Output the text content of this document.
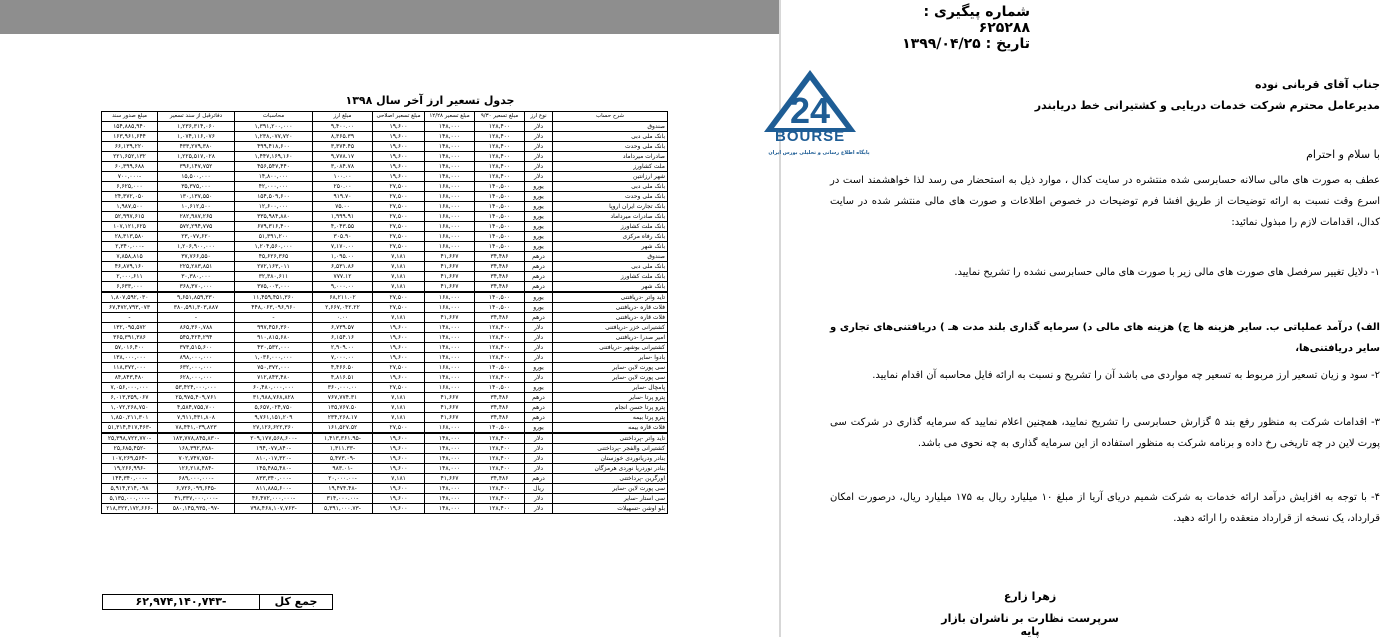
جدول تسعیر ارز آخر سال ۱۳۹۸
شرح حساب	نوع ارز	مبلغ تسعیر ۹/۳۰	مبلغ تسعیر ۱۲/۲۸	مبلغ تسعیر اصلاحی	مبلغ ارز	محاسبات	دفاترقبل از سند تسعیر	مبلغ صدور سند
صندوق	دلار	۱۲۸,۴۰۰	۱۴۸,۰۰۰	۱۹,۶۰۰	۹,۴۰۰.۰۰	۱,۳۹۱,۲۰۰,۰۰۰	۱,۲۳۶,۳۱۴,۰۶۰	۱۵۴,۸۸۵,۹۴۰
بانک ملی دبی	دلار	۱۲۸,۴۰۰	۱۴۸,۰۰۰	۱۹,۶۰۰	۸,۳۶۵.۳۹	۱,۲۳۸,۰۷۷,۷۲۰	۱,۰۷۴,۱۱۶,۰۷۶	۱۶۳,۹۶۱,۶۴۴
بانک ملی وحدت	دلار	۱۲۸,۴۰۰	۱۴۸,۰۰۰	۱۹,۶۰۰	۳,۳۷۴.۴۵	۴۹۹,۴۱۸,۶۰۰	۴۳۳,۲۷۹,۳۸۰	۶۶,۱۳۹,۲۲۰
صادرات میرداماد	دلار	۱۲۸,۴۰۰	۱۴۸,۰۰۰	۱۹,۶۰۰	۹,۷۷۸.۱۷	۱,۴۴۷,۱۶۹,۱۶۰	۱,۲۲۵,۵۱۷,۰۲۸	۲۲۱,۶۵۲,۱۳۲
ملت کشاورز	دلار	۱۲۸,۴۰۰	۱۴۸,۰۰۰	۱۹,۶۰۰	۳,۰۸۴.۷۸	۴۵۶,۵۴۷,۴۴۰	۳۹۶,۱۴۷,۷۵۲	۶۰,۳۹۹,۶۸۸
شهر ارزانتین	دلار	۱۲۸,۴۰۰	۱۴۸,۰۰۰	۱۹,۶۰۰	۱۰۰.۰۰	۱۴,۸۰۰,۰۰۰	۱۵,۵۰۰,۰۰۰	-۷۰۰,۰۰۰
بانک ملی دبی	یورو	۱۴۰,۵۰۰	۱۶۸,۰۰۰	۲۷,۵۰۰	۲۵۰.۰۰	۴۲,۰۰۰,۰۰۰	۳۵,۳۷۵,۰۰۰	۶,۶۲۵,۰۰۰
بانک ملی وحدت	یورو	۱۴۰,۵۰۰	۱۶۸,۰۰۰	۲۷,۵۰۰	۹۱۹.۷۰	۱۵۴,۵۰۹,۶۰۰	۱۳۰,۱۳۷,۵۵۰	۲۴,۳۷۲,۰۵۰
بانک تجارت ایران اروپا	یورو	۱۴۰,۵۰۰	۱۶۸,۰۰۰	۲۷,۵۰۰	۷۵.۰۰	۱۲,۶۰۰,۰۰۰	۱۰,۶۱۲,۵۰۰	۱,۹۸۷,۵۰۰
بانک صادرات میرداماد	یورو	۱۴۰,۵۰۰	۱۶۸,۰۰۰	۲۷,۵۰۰	۱,۹۹۹.۹۱	۳۳۵,۹۸۴,۸۸۰	۲۸۲,۹۸۷,۲۶۵	۵۲,۹۹۷,۶۱۵
بانک ملت کشاورز	یورو	۱۴۰,۵۰۰	۱۶۸,۰۰۰	۲۷,۵۰۰	۴,۰۴۳.۵۵	۶۷۹,۳۱۶,۴۰۰	۵۷۲,۲۹۴,۷۷۵	۱۰۷,۱۲۱,۶۲۵
بانک رفاه مرکزی	یورو	۱۴۰,۵۰۰	۱۶۸,۰۰۰	۲۷,۵۰۰	۳۰۵.۹۰	۵۱,۳۹۱,۲۰۰	۲۳,۰۷۷,۶۲۰	۲۸,۳۱۳,۵۸۰
بانک شهر	یورو	۱۴۰,۵۰۰	۱۶۸,۰۰۰	۲۷,۵۰۰	۷,۱۷۰.۰۰	۱,۲۰۴,۵۶۰,۰۰۰	۱,۲۰۶,۹۰۰,۰۰۰	-۲,۳۴۰,۰۰۰
صندوق	درهم	۳۴,۴۸۶	۴۱,۶۶۷	۷,۱۸۱	۱,۰۹۵.۰۰	۴۵,۶۲۶,۳۶۵	۳۷,۷۶۶,۵۵۰	۷,۸۵۸,۸۱۵
بانک ملی دبی	درهم	۳۴,۴۸۶	۴۱,۶۶۷	۷,۱۸۱	۶,۵۳۱.۸۶	۲۷۲,۱۶۳,۰۱۱	۲۲۵,۲۸۳,۸۵۱	۴۶,۸۷۹,۱۶۰
بانک ملت کشاورز	درهم	۳۴,۴۸۶	۴۱,۶۶۷	۷,۱۸۱	۷۷۷.۱۲	۳۲,۳۸۰,۶۱۱	۳۰,۳۸۰,۰۰۰	۲,۰۰۰,۶۱۱
بانک شهر	درهم	۳۴,۴۸۶	۴۱,۶۶۷	۷,۱۸۱	۹,۰۰۰.۰۰	۳۷۵,۰۰۳,۰۰۰	۳۶۸,۳۷۰,۰۰۰	۶,۶۳۳,۰۰۰
تاید واتر -دریافتنی	یورو	۱۴۰,۵۰۰	۱۶۸,۰۰۰	۲۷,۵۰۰	۶۸,۲۱۱.۰۲	۱۱,۴۵۹,۴۵۱,۳۶۰	۹,۶۵۱,۸۵۹,۳۳۰	۱,۸۰۷,۵۹۲,۰۳۰
فلات قاره -دریافتنی	یورو	۱۴۰,۵۰۰	۱۶۸,۰۰۰	۲۷,۵۰۰	۲,۶۶۷,۰۴۲.۲۲	۴۴۸,۰۶۳,۰۹۶,۹۶۰	۳۸۰,۵۹۱,۳۰۳,۸۸۷	۶۷,۴۷۲,۷۹۳,۰۷۳
فلات قاره -دریافتنی	درهم	۳۴,۴۸۶	۴۱,۶۶۷	۷,۱۸۱	۰.۰۰	-	-	-
کشتیرانی خزر -دریافتنی	دلار	۱۲۸,۴۰۰	۱۴۸,۰۰۰	۱۹,۶۰۰	۶,۷۳۹.۵۷	۹۹۷,۴۵۶,۳۶۰	۸۶۵,۳۶۰,۷۸۸	۱۳۲,۰۹۵,۵۷۲
امیر صدرا -دریافتنی	دلار	۱۲۸,۴۰۰	۱۴۸,۰۰۰	۱۹,۶۰۰	۶,۱۵۴.۱۶	۹۱۰,۸۱۵,۶۸۰	۵۴۵,۴۲۴,۲۹۴	۳۶۵,۳۹۱,۳۸۶
کشتیرانی بوشهر -دریافتنی	دلار	۱۲۸,۴۰۰	۱۴۸,۰۰۰	۱۹,۶۰۰	۲,۹۰۹.۰۰	۴۳۰,۵۳۲,۰۰۰	۳۷۳,۵۱۵,۶۰۰	۵۷,۰۱۶,۴۰۰
بادوا -سایر	دلار	۱۲۸,۴۰۰	۱۴۸,۰۰۰	۱۹,۶۰۰	۷,۰۰۰.۰۰	۱,۰۳۶,۰۰۰,۰۰۰	۸۹۸,۰۰۰,۰۰۰	۱۳۸,۰۰۰,۰۰۰
سی پورت لاین -سایر	یورو	۱۴۰,۵۰۰	۱۶۸,۰۰۰	۲۷,۵۰۰	۴,۴۶۶.۵۰	۷۵۰,۳۷۲,۰۰۰	۶۳۲,۰۰۰,۰۰۰	۱۱۸,۳۷۲,۰۰۰
سی پورت لاین -سایر	دلار	۱۲۸,۴۰۰	۱۴۸,۰۰۰	۱۹,۶۰۰	۴,۸۱۶.۵۱	۷۱۲,۸۴۳,۴۸۰	۶۲۸,۰۰۰,۰۰۰	۸۴,۸۴۳,۴۸۰
پامچال -سایر	یورو	۱۴۰,۵۰۰	۱۶۸,۰۰۰	۲۷,۵۰۰	۳۶۰,۰۰۰.۰۰	۶۰,۴۸۰,۰۰۰,۰۰۰	۵۳,۴۲۴,۰۰۰,۰۰۰	۷,۰۵۶,۰۰۰,۰۰۰
پترو پرتا -سایر	درهم	۳۴,۴۸۶	۴۱,۶۶۷	۷,۱۸۱	۷۶۷,۷۷۴.۳۱	۳۱,۹۸۸,۷۶۸,۸۲۸	۲۵,۹۷۵,۴۰۹,۷۶۱	۶,۰۱۳,۳۵۹,۰۶۷
پترو پرتا حسن انجام	درهم	۳۴,۴۸۶	۴۱,۶۶۷	۷,۱۸۱	۱۳۵,۷۶۷.۵۰	۵,۶۵۷,۰۲۴,۷۵۰	۴,۵۸۴,۷۵۵,۷۰۰	۱,۰۷۲,۲۶۸,۷۵۰
پترو پرتا بیمه	درهم	۳۴,۴۸۶	۴۱,۶۶۷	۷,۱۸۱	۲۳۴,۲۶۸.۱۷	۹,۷۶۱,۱۵۱,۲۰۹	۷,۹۱۱,۴۳۱,۸۰۸	۱,۸۵۰,۲۱۱,۳۰۱
فلات قاره بیمه	یورو	۱۴۰,۵۰۰	۱۶۸,۰۰۰	۲۷,۵۰۰	۱۶۱,۵۲۷.۵۲	۲۷,۱۲۶,۶۲۲,۳۶۰	۷۸,۴۴۱,۰۳۹,۸۲۳	-۵۱,۳۱۴,۴۱۷,۴۶۳
تاید واتر -پرداختنی	دلار	۱۲۸,۴۰۰	۱۴۸,۰۰۰	۱۹,۶۰۰	-۱,۴۱۳,۳۶۱.۹۵	-۲۰۹,۱۷۷,۵۶۸,۶۰۰	-۱۸۳,۷۷۸,۸۴۵,۸۳۰	-۲۵,۳۹۸,۷۲۲,۷۷۰
کشتیرانی والفجر -پرداختنی	دلار	۱۲۸,۴۰۰	۱۴۸,۰۰۰	۱۹,۶۰۰	-۱,۳۱۱.۳۳	-۱۹۴,۰۷۷,۸۴۰	-۱۶۸,۳۹۲,۳۸۸	-۲۵,۶۸۵,۴۵۲
بنادر ودریانوردی خوزستان	دلار	۱۲۸,۴۰۰	۱۴۸,۰۰۰	۱۹,۶۰۰	-۵,۴۷۳.۰۹	-۸۱۰,۰۱۷,۳۲۰	-۷۰۲,۷۴۷,۷۵۶	-۱۰۷,۲۶۹,۵۶۴
بنادر نوردریا نوردی هرمزگان	دلار	۱۲۸,۴۰۰	۱۴۸,۰۰۰	۱۹,۶۰۰	-۹۸۳.۰۱	-۱۴۵,۴۸۵,۴۸۰	-۱۲۶,۲۱۸,۴۸۴	-۱۹,۲۶۶,۹۹۶
اورگرین -پرداختنی	درهم	۳۴,۴۸۶	۴۱,۶۶۷	۷,۱۸۱	-۲۰,۰۰۰.۰۰	-۸۳۳,۳۴۰,۰۰۰	-۶۸۹,۰۰۰,۰۰۰	-۱۴۴,۳۴۰,۰۰۰
سی پورت لاین -سایر	ریال	۱۲۸,۴۰۰	۱۴۸,۰۰۰	۱۹,۶۰۰	-۱۹,۴۷۴.۴۸	-۸۱۱,۸۸۵,۶۰۰	-۶,۷۲۶,۰۹۹,۶۴۵	۵,۹۱۴,۲۱۴,۰۹۸
سی استار -سایر	دلار	۱۲۸,۴۰۰	۱۴۸,۰۰۰	۱۹,۶۰۰	-۳۱۴,۰۰۰.۰۰	-۴۶,۴۷۲,۰۰۰,۰۰۰	-۴۱,۳۳۷,۰۰۰,۰۰۰	-۵,۱۳۵,۰۰۰,۰۰۰
بلو اوشن -تسهیلات	دلار	۱۲۸,۴۰۰	۱۴۸,۰۰۰	۱۹,۶۰۰	-۵,۳۹۱,۰۰۰.۷۳	-۷۹۸,۴۶۸,۱۰۷,۷۶۳	-۵۸۰,۱۴۵,۹۳۵,۰۹۷	-۲۱۸,۳۲۲,۱۷۲,۶۶۶
جمع کل
-۶۲,۹۷۴,۱۴۰,۷۴۳
24
BOURSE
پایگاه اطلاع رسانی و تحلیلی بورس ایران
شماره پیگیری : ۶۲۵۲۸۸
تاریخ : ۱۳۹۹/۰۴/۲۵
جناب آقای قربانی نوده
مدیرعامل محترم شرکت خدمات دریایی و کشتیرانی خط دریابندر
با سلام و احترام
عطف به صورت های مالی سالانه حسابرسی شده منتشره در سایت کدال ، موارد ذیل به استحضار می رسد لذا خواهشمند است در اسرع وقت نسبت به ارائه توضیحات از طریق افشا فرم توضیحات در خصوص اطلاعات و صورت های مالی منتشر شده در سایت کدال، اقدامات لازم را مبذول نمائید:
۱- دلایل تغییر سرفصل های صورت های مالی زیر با صورت های مالی حسابرسی نشده را تشریح نمایید.
الف) درآمد عملیاتی ب. سایر هزینه ها ج) هزینه های مالی د) سرمایه گذاری بلند مدت هـ ) دریافتنی‌های تجاری و سایر دریافتنی‌ها،
۲- سود و زیان تسعیر ارز مربوط به تسعیر چه مواردی می باشد آن را تشریح و نسبت به ارائه فایل محاسبه آن اقدام نمایید.
۳- اقدامات شرکت به منظور رفع بند ۵ گزارش حسابرسی را تشریح نمایید، همچنین اعلام نمایید که سرمایه گذاری در شرکت سی پورت لاین در چه تاریخی رخ داده و برنامه شرکت به منظور استفاده از این سرمایه گذاری به چه نحوی می باشد.
۴- با توجه به افزایش درآمد ارائه خدمات به شرکت شمیم دریای آریا از مبلغ ۱۰ میلیارد ریال به ۱۷۵ میلیارد ریال، درصورت امکان قرارداد، یک نسخه از قرارداد منعقده را ارائه دهید.
زهرا زارع
سرپرست نظارت بر ناشران بازار پایه
